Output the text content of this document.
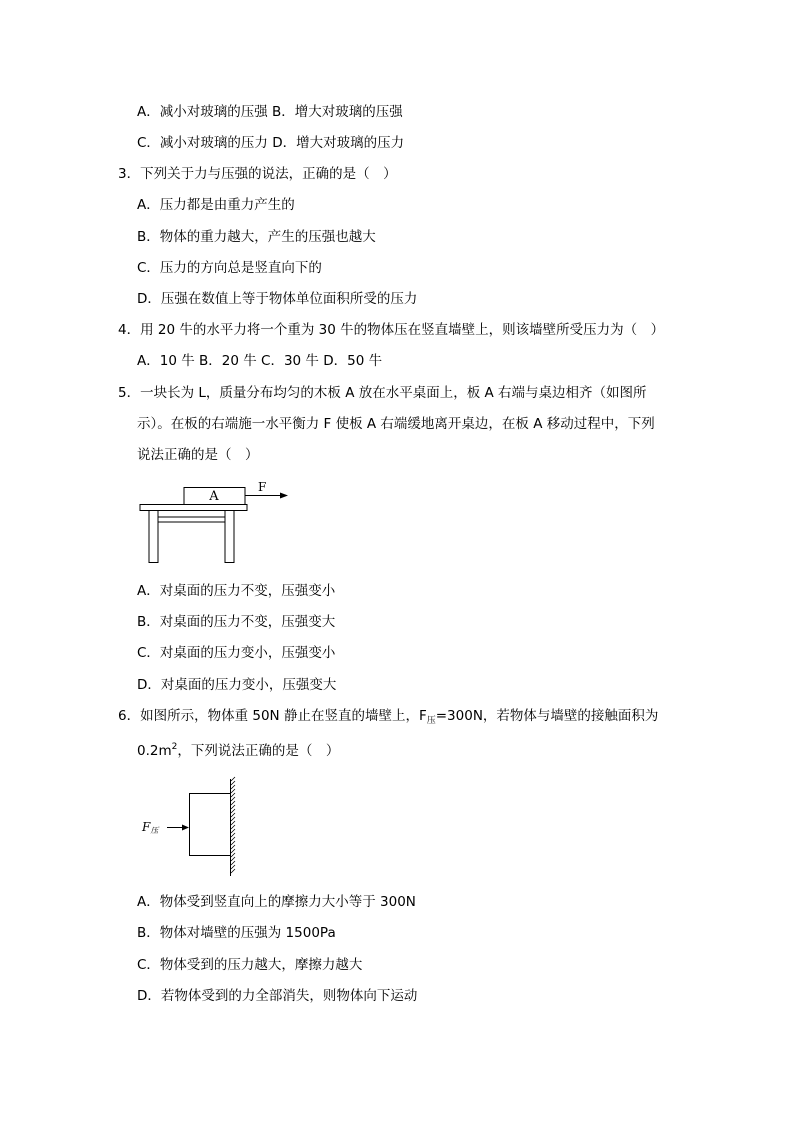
A．减小对玻璃的压强 B．增大对玻璃的压强
C．减小对玻璃的压力 D．增大对玻璃的压力
3．下列关于力与压强的说法，正确的是（　）
A．压力都是由重力产生的
B．物体的重力越大，产生的压强也越大
C．压力的方向总是竖直向下的
D．压强在数值上等于物体单位面积所受的压力
4．用 20 牛的水平力将一个重为 30 牛的物体压在竖直墙壁上，则该墙壁所受压力为（　）
A．10 牛 B．20 牛 C．30 牛 D．50 牛
5．一块长为 L，质量分布均匀的木板 A 放在水平桌面上，板 A 右端与桌边相齐（如图所
示）。在板的右端施一水平衡力 F 使板 A 右端缓地离开桌边，在板 A 移动过程中，下列
说法正确的是（　）
A
F
A．对桌面的压力不变，压强变小
B．对桌面的压力不变，压强变大
C．对桌面的压力变小，压强变小
D．对桌面的压力变小，压强变大
6．如图所示，物体重 50N 静止在竖直的墙壁上，$F_压=300N$，若物体与墙壁的接触面积为
$0.2m^2$，下列说法正确的是（　）
F压
A．物体受到竖直向上的摩擦力大小等于 300N
B．物体对墙壁的压强为 1500Pa
C．物体受到的压力越大，摩擦力越大
D．若物体受到的力全部消失，则物体向下运动
